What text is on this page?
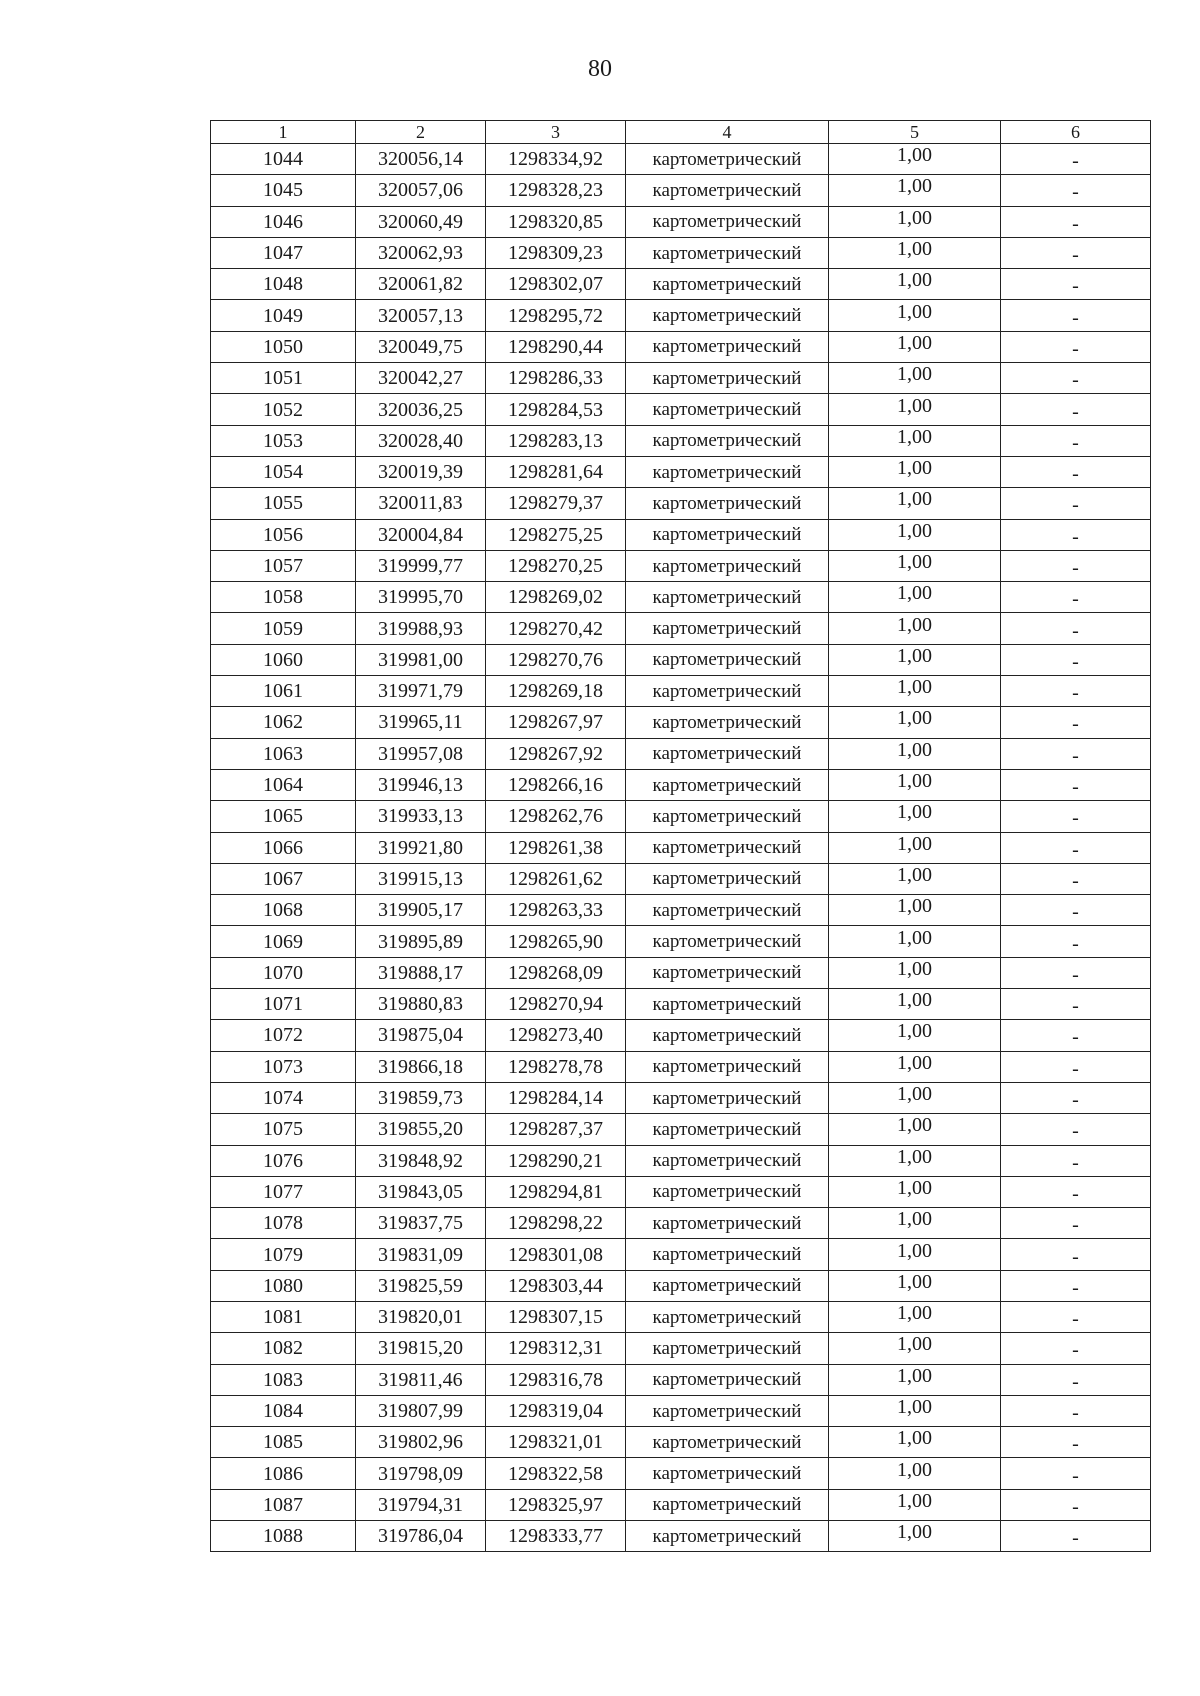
80
1	2	3	4	5	6
1044	320056,14	1298334,92	картометрический	1,00	-
1045	320057,06	1298328,23	картометрический	1,00	-
1046	320060,49	1298320,85	картометрический	1,00	-
1047	320062,93	1298309,23	картометрический	1,00	-
1048	320061,82	1298302,07	картометрический	1,00	-
1049	320057,13	1298295,72	картометрический	1,00	-
1050	320049,75	1298290,44	картометрический	1,00	-
1051	320042,27	1298286,33	картометрический	1,00	-
1052	320036,25	1298284,53	картометрический	1,00	-
1053	320028,40	1298283,13	картометрический	1,00	-
1054	320019,39	1298281,64	картометрический	1,00	-
1055	320011,83	1298279,37	картометрический	1,00	-
1056	320004,84	1298275,25	картометрический	1,00	-
1057	319999,77	1298270,25	картометрический	1,00	-
1058	319995,70	1298269,02	картометрический	1,00	-
1059	319988,93	1298270,42	картометрический	1,00	-
1060	319981,00	1298270,76	картометрический	1,00	-
1061	319971,79	1298269,18	картометрический	1,00	-
1062	319965,11	1298267,97	картометрический	1,00	-
1063	319957,08	1298267,92	картометрический	1,00	-
1064	319946,13	1298266,16	картометрический	1,00	-
1065	319933,13	1298262,76	картометрический	1,00	-
1066	319921,80	1298261,38	картометрический	1,00	-
1067	319915,13	1298261,62	картометрический	1,00	-
1068	319905,17	1298263,33	картометрический	1,00	-
1069	319895,89	1298265,90	картометрический	1,00	-
1070	319888,17	1298268,09	картометрический	1,00	-
1071	319880,83	1298270,94	картометрический	1,00	-
1072	319875,04	1298273,40	картометрический	1,00	-
1073	319866,18	1298278,78	картометрический	1,00	-
1074	319859,73	1298284,14	картометрический	1,00	-
1075	319855,20	1298287,37	картометрический	1,00	-
1076	319848,92	1298290,21	картометрический	1,00	-
1077	319843,05	1298294,81	картометрический	1,00	-
1078	319837,75	1298298,22	картометрический	1,00	-
1079	319831,09	1298301,08	картометрический	1,00	-
1080	319825,59	1298303,44	картометрический	1,00	-
1081	319820,01	1298307,15	картометрический	1,00	-
1082	319815,20	1298312,31	картометрический	1,00	-
1083	319811,46	1298316,78	картометрический	1,00	-
1084	319807,99	1298319,04	картометрический	1,00	-
1085	319802,96	1298321,01	картометрический	1,00	-
1086	319798,09	1298322,58	картометрический	1,00	-
1087	319794,31	1298325,97	картометрический	1,00	-
1088	319786,04	1298333,77	картометрический	1,00	-
